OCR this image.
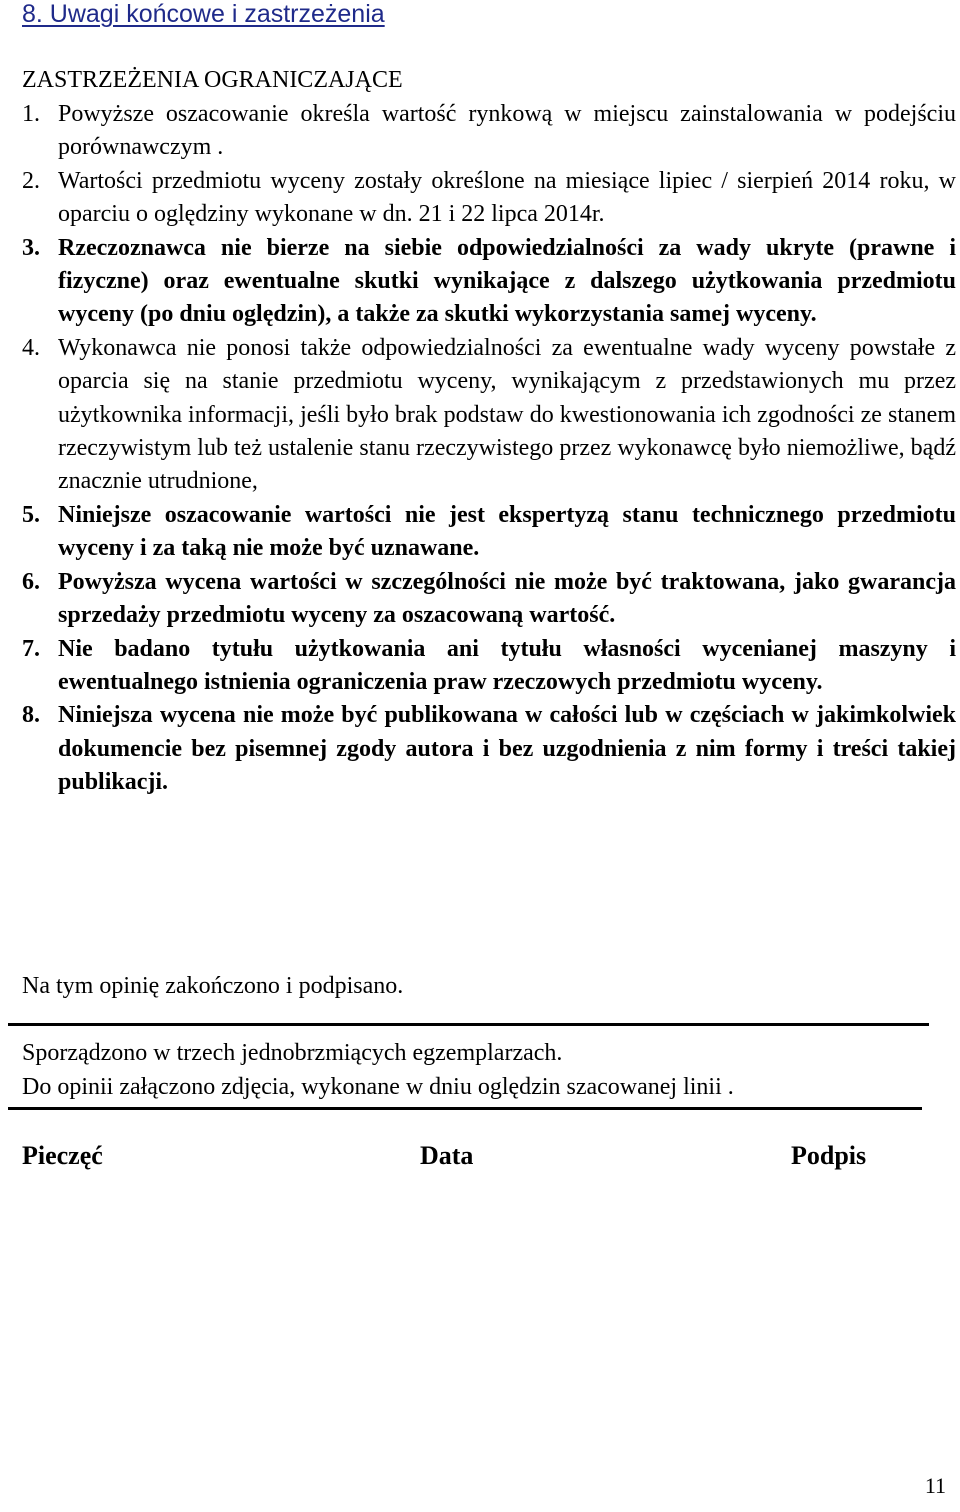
8. Uwagi końcowe i zastrzeżenia
ZASTRZEŻENIA OGRANICZAJĄCE
1. Powyższe oszacowanie określa wartość rynkową w miejscu zainstalowania w podejściu porównawczym .
2. Wartości przedmiotu wyceny zostały określone na miesiące lipiec / sierpień 2014 roku, w oparciu o oględziny wykonane w dn. 21 i 22 lipca 2014r.
3. Rzeczoznawca nie bierze na siebie odpowiedzialności za wady ukryte (prawne i fizyczne) oraz ewentualne skutki wynikające z dalszego użytkowania przedmiotu wyceny (po dniu oględzin), a także za skutki wykorzystania samej wyceny.
4. Wykonawca nie ponosi także odpowiedzialności za ewentualne wady wyceny powstałe z oparcia się na stanie przedmiotu wyceny, wynikającym z przedstawionych mu przez użytkownika informacji, jeśli było brak podstaw do kwestionowania ich zgodności ze stanem rzeczywistym lub też ustalenie stanu rzeczywistego przez wykonawcę było niemożliwe, bądź znacznie utrudnione,
5. Niniejsze oszacowanie wartości nie jest ekspertyzą stanu technicznego przedmiotu wyceny i za taką nie może być uznawane.
6. Powyższa wycena wartości w szczególności nie może być traktowana, jako gwarancja sprzedaży przedmiotu wyceny za oszacowaną wartość.
7. Nie badano tytułu użytkowania ani tytułu własności wycenianej maszyny i ewentualnego istnienia ograniczenia praw rzeczowych przedmiotu wyceny.
8. Niniejsza wycena nie może być publikowana w całości lub w częściach w jakimkolwiek dokumencie bez pisemnej zgody autora i bez uzgodnienia z nim formy i treści takiej publikacji.
Na tym opinię zakończono i podpisano.
Sporządzono w trzech jednobrzmiących egzemplarzach.
Do opinii załączono zdjęcia, wykonane w dniu oględzin szacowanej linii .
Pieczęć	Data	Podpis
11
